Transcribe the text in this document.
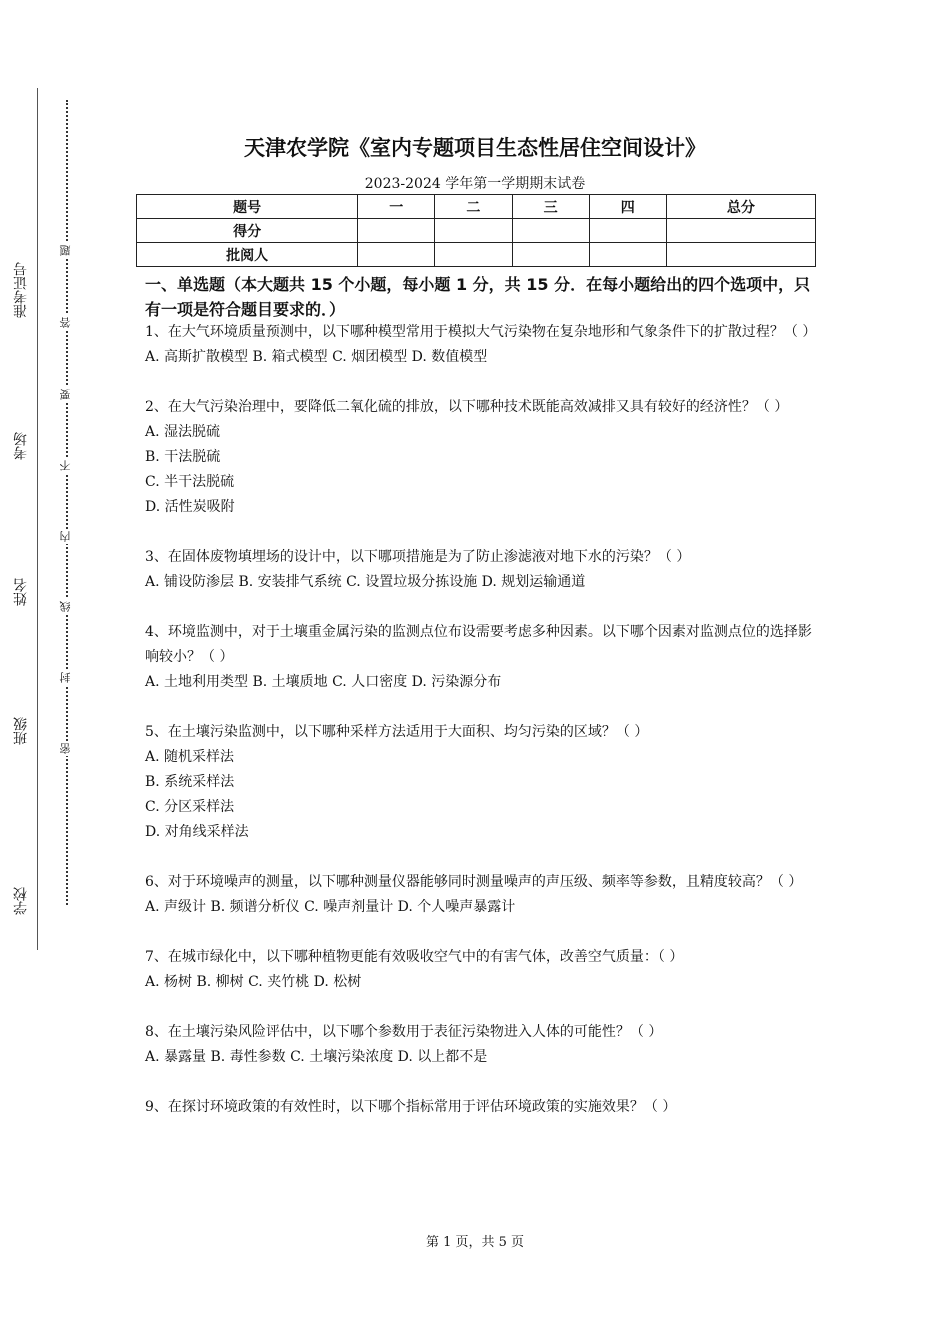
准考证号
考场
姓名
班级
学校
题
答
要
不
内
线
封
密
天津农学院《室内专题项目生态性居住空间设计》
2023-2024 学年第一学期期末试卷
题号	一	二	三	四	总分
得分					
批阅人					
一、单选题（本大题共 15 个小题，每小题 1 分，共 15 分．在每小题给出的四个选项中，只有一项是符合题目要求的．）

1、在大气环境质量预测中，以下哪种模型常用于模拟大气污染物在复杂地形和气象条件下的扩散过程？（ ）

A. 高斯扩散模型 B. 箱式模型 C. 烟团模型 D. 数值模型

2、在大气污染治理中，要降低二氧化硫的排放，以下哪种技术既能高效减排又具有较好的经济性？（ ）

A. 湿法脱硫

B. 干法脱硫

C. 半干法脱硫

D. 活性炭吸附

3、在固体废物填埋场的设计中，以下哪项措施是为了防止渗滤液对地下水的污染？（ ）

A. 铺设防渗层 B. 安装排气系统 C. 设置垃圾分拣设施 D. 规划运输通道

4、环境监测中，对于土壤重金属污染的监测点位布设需要考虑多种因素。以下哪个因素对监测点位的选择影响较小？（ ）

A. 土地利用类型 B. 土壤质地 C. 人口密度 D. 污染源分布

5、在土壤污染监测中，以下哪种采样方法适用于大面积、均匀污染的区域？（ ）

A. 随机采样法

B. 系统采样法

C. 分区采样法

D. 对角线采样法

6、对于环境噪声的测量，以下哪种测量仪器能够同时测量噪声的声压级、频率等参数，且精度较高？（ ）

A. 声级计 B. 频谱分析仪 C. 噪声剂量计 D. 个人噪声暴露计

7、在城市绿化中，以下哪种植物更能有效吸收空气中的有害气体，改善空气质量：（ ）

A. 杨树 B. 柳树 C. 夹竹桃 D. 松树

8、在土壤污染风险评估中，以下哪个参数用于表征污染物进入人体的可能性？（ ）

A. 暴露量 B. 毒性参数 C. 土壤污染浓度 D. 以上都不是

9、在探讨环境政策的有效性时，以下哪个指标常用于评估环境政策的实施效果？（ ）

第 1 页，共 5 页
